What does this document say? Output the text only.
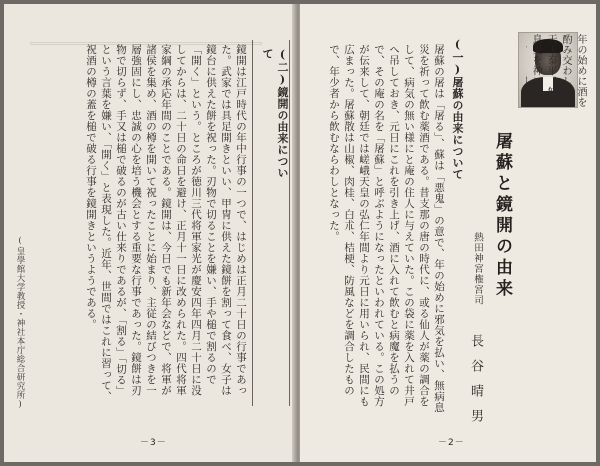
(二)鏡開の由来について
鏡開は江戸時代の年中行事の一つで、はじめは正月二十日の行事であった。武家では具足開きといい、甲冑に供えた鏡餅を割って食べ、女子は鏡台に供えた餅を祝った。刃物で切ることを嫌い、手や槌で割るので「開く」という。ところが徳川三代将軍家光が慶安四年四月二十日に没してからは、二十日の命日を避け、正月十一日に改められた。四代将軍家綱の承応年間のことである。鏡開は、今日でも新年会などで、将軍が諸侯を集め、酒の樽を開いて祝ったことに始まり、主従の結びつきを一層強固にし、忠誠の心を培う機会とする重要な行事であった。鏡餅は刃物で切らず、手又は槌で破るのが古い仕来りであるが、「割る」「切る」という言葉を嫌い、「開く」と表現した。近年、世間ではこれに習って、祝酒の樽の蓋を槌で破る行事を鏡開きというようである。
(皇學館大学教授・神社本庁総合研究所)
－3－
屠蘇と鏡開の由来
熱田神宮権宮司
長谷晴男
年の始めに酒を酌み交わして、天下泰平、無病息災を神に祈
(一)屠蘇の由来について
屠蘇の屠は「屠る」、蘇は「悪鬼」の意で、年の始めに邪気を払い、無病息災を祈って飲む薬酒である。昔支那の唐の時代に、或る仙人が薬の調合をして、病気の無い様にと庵の住人に与えていた。この袋に薬を入れて井戸へ吊しておき、元日にこれを引き上げ、酒に入れて飲むと病魔を払うので、その庵の名を「屠蘇」と呼ぶようになったといわれている。この処方が伝来して、朝廷では嵯峨天皇の弘仁年間より元日に用いられ、民間にも広まった。屠蘇散は山椒、肉桂、白朮、桔梗、防風などを調合したもので、年少者から飲むならわしとなった。
－2－
